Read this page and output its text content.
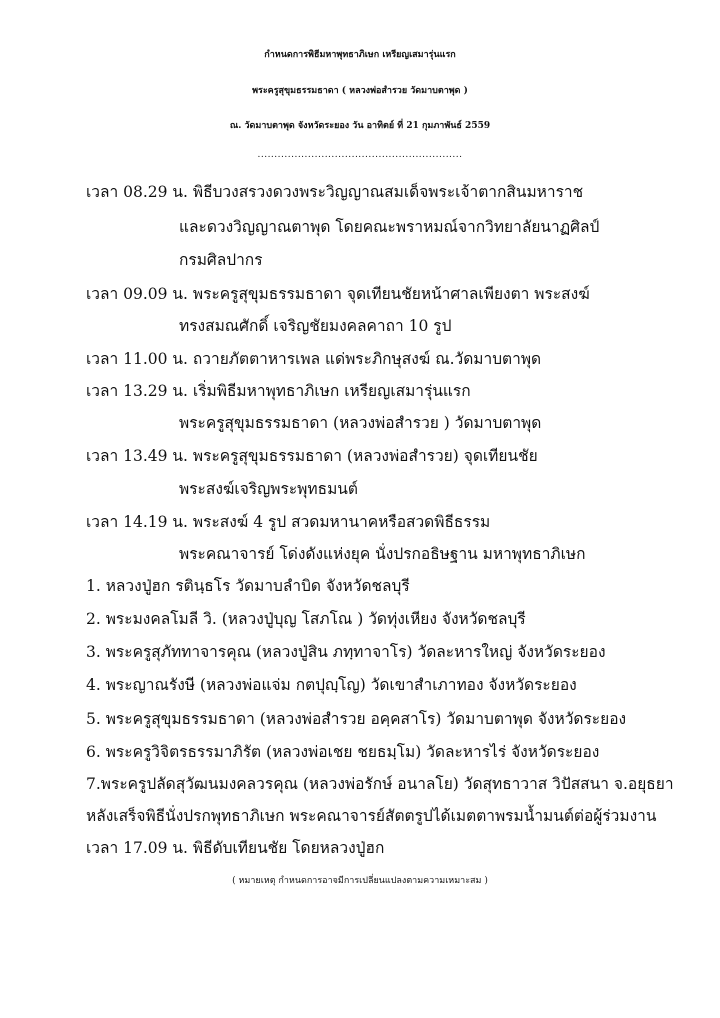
กำหนดการพิธีมหาพุทธาภิเษก เหรียญเสมารุ่นแรก
พระครูสุขุมธรรมธาดา ( หลวงพ่อสำรวย วัดมาบตาพุด )
ณ. วัดมาบตาพุด จังหวัดระยอง วัน อาทิตย์ ที่ 21 กุมภาพันธ์ 2559
.............................................................
เวลา 08.29 น. พิธีบวงสรวงดวงพระวิญญาณสมเด็จพระเจ้าตากสินมหาราช
และดวงวิญญาณตาพุด โดยคณะพราหมณ์จากวิทยาลัยนาฏศิลป์
กรมศิลปากร
เวลา 09.09 น. พระครูสุขุมธรรมธาดา จุดเทียนชัยหน้าศาลเพียงตา พระสงฆ์
ทรงสมณศักดิ์ เจริญชัยมงคลคาถา 10 รูป
เวลา 11.00 น. ถวายภัตตาหารเพล แด่พระภิกษุสงฆ์ ณ.วัดมาบตาพุด
เวลา 13.29 น. เริ่มพิธีมหาพุทธาภิเษก เหรียญเสมารุ่นแรก
พระครูสุขุมธรรมธาดา (หลวงพ่อสำรวย ) วัดมาบตาพุด
เวลา 13.49 น. พระครูสุขุมธรรมธาดา (หลวงพ่อสำรวย) จุดเทียนชัย
พระสงฆ์เจริญพระพุทธมนต์
เวลา 14.19 น. พระสงฆ์ 4 รูป สวดมหานาคหรือสวดพิธีธรรม
พระคณาจารย์ โด่งดังแห่งยุค นั่งปรกอธิษฐาน มหาพุทธาภิเษก
1. หลวงปู่ฮก รตินฺธโร วัดมาบลำบิด จังหวัดชลบุรี
2. พระมงคลโมลี วิ. (หลวงปู่บุญ โสภโณ ) วัดทุ่งเหียง จังหวัดชลบุรี
3. พระครูสุภัททาจารคุณ (หลวงปู่สิน ภทฺทาจาโร) วัดละหารใหญ่ จังหวัดระยอง
4. พระญาณรังษี (หลวงพ่อแจ่ม กตปุญฺโญ) วัดเขาสำเภาทอง จังหวัดระยอง
5. พระครูสุขุมธรรมธาดา (หลวงพ่อสำรวย อคฺคสาโร) วัดมาบตาพุด จังหวัดระยอง
6. พระครูวิจิตรธรรมาภิรัต (หลวงพ่อเชย ชยธมฺโม) วัดละหารไร่ จังหวัดระยอง
7.พระครูปลัดสุวัฒนมงคลวรคุณ (หลวงพ่อรักษ์ อนาลโย) วัดสุทธาวาส วิปัสสนา จ.อยุธยา
หลังเสร็จพิธีนั่งปรกพุทธาภิเษก พระคณาจารย์สัตตรูปได้เมตตาพรมน้ำมนต์ต่อผู้ร่วมงาน
เวลา 17.09 น. พิธีดับเทียนชัย โดยหลวงปู่ฮก
( หมายเหตุ กำหนดการอาจมีการเปลี่ยนแปลงตามความเหมาะสม )
